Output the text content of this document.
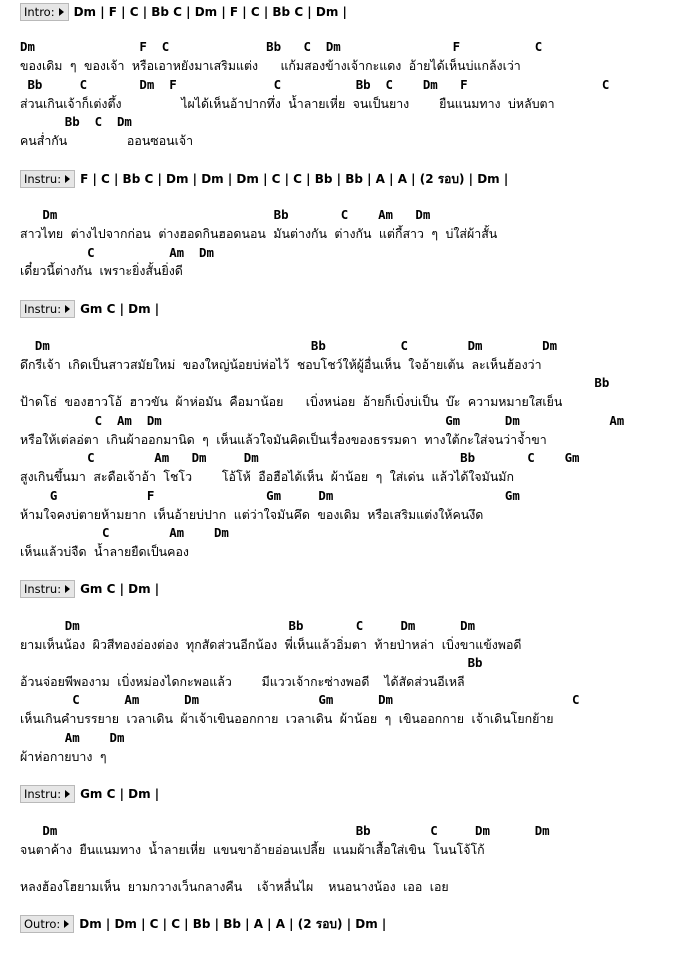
Intro: Dm | F | C | Bb C | Dm | F | C | Bb C | Dm |
Dm              F  C             Bb   C  Dm               F          C
ของเดิม ๆ ของเจ้า หรือเอาหยังมาเสริมแต่ง   แก้มสองข้างเจ้ากะแดง อ้ายได้เห็นบ่แกล้งเว่า
Bb     C       Dm  F             C          Bb  C    Dm   F                  C
ส่วนเกินเจ้าก็เต่งตึ้ง        ไผได้เห็นอ้าปากทึ่ง น้ำลายเหี่ย จนเป็นยาง    ยืนแนมทาง บ่หลับตา
Bb  C  Dm
คนส่ำกัน        ออนซอนเจ้า
Instru: F | C | Bb C | Dm | Dm | Dm | C | C | Bb | Bb | A | A | (2 รอบ) | Dm |
Dm                             Bb       C    Am   Dm
สาวไทย ต่างไปจากก่อน ต่างฮอดกินฮอดนอน มันต่างกัน ต่างกัน แต่กี้สาว ๆ บ่ใส่ผ้าสั้น
C          Am  Dm
เดี๋ยวนี้ต่างกัน เพราะยิ่งสั้นยิ่งดี
Instru: Gm C | Dm |
Dm                                   Bb          C        Dm        Dm
ดึกรีเจ้า เกิดเป็นสาวสมัยใหม่ ของใหญ่น้อยบ่ห่อไว้ ชอบโชว์ให้ผู้อื่นเห็น ใจอ้ายเต้น ละเห็นฮ้องว่า
Bb
ป้าดโธ่ ของฮาวโอ้ ฮาวขัน ผ้าห่อมัน คือมาน้อย   เบิ่งหน่อย อ้ายก็เบิ่งบ่เป็น บ๊ะ ความหมายใสเย็น
C  Am  Dm                                      Gm      Dm            Am
หรือให้เต่ลอ่ตา เกินผ้าออกมานิด ๆ เห็นแล้วใจมันคิดเป็นเรื่องของธรรมดา ทางใต้กะใส่จนว่าจ้ำขา
C        Am   Dm     Dm                           Bb       C    Gm
สูงเกินขึ้นมา สะดือเจ้าอ้า โชโว    โอ้โห้ อือฮือได้เห็น ผ้าน้อย ๆ ใส่เด่น แล้วได้ใจมันมัก
G            F               Gm     Dm                       Gm
ห้ามใจคงบ่ตายห้ามยาก เห็นอ้ายบ่ปาก แต่ว่าใจมันคึด ของเดิม หรือเสริมแต่งให้คนงึด
C        Am    Dm
เห็นแล้วบ่จืด น้ำลายยืดเป็นคอง
Instru: Gm C | Dm |
Dm                            Bb       C     Dm      Dm
ยามเห็นน้อง ผิวสีทองอ่องต่อง ทุกสัดส่วนอีกน้อง พี่เห็นแล้วอิ่มตา ท้ายป่าหล่า เบิ่งขาแข้งพอดี
Bb
อ้วนจ่อยพีพองาม เบิ่งหม่องไดกะพอแล้ว    มีแววเจ้ากะซ่างพอดี  ได้สัดส่วนอีเหลี
C      Am      Dm                Gm      Dm                        C
เห็นเกินคำบรรยาย เวลาเดิน ผ้าเจ้าเขินออกกาย เวลาเดิน ผ้าน้อย ๆ เขินออกกาย เจ้าเดินโยกย้าย
Am    Dm
ผ้าห่อกายบาง ๆ
Instru: Gm C | Dm |
Dm                                        Bb        C     Dm      Dm
จนตาค้าง ยืนแนมทาง น้ำลายเหี่ย แขนขาอ้ายอ่อนเปลี้ย แนมผ้าเสื้อใส่เขิน โนนโจ้โก้
หลงฮ้องโฮยามเห็น ยามกวางเว็นกลางคืน  เจ้าหลื่นไผ  หนอนางน้อง เออ เอย
Outro: Dm | Dm | C | C | Bb | Bb | A | A | (2 รอบ) | Dm |
